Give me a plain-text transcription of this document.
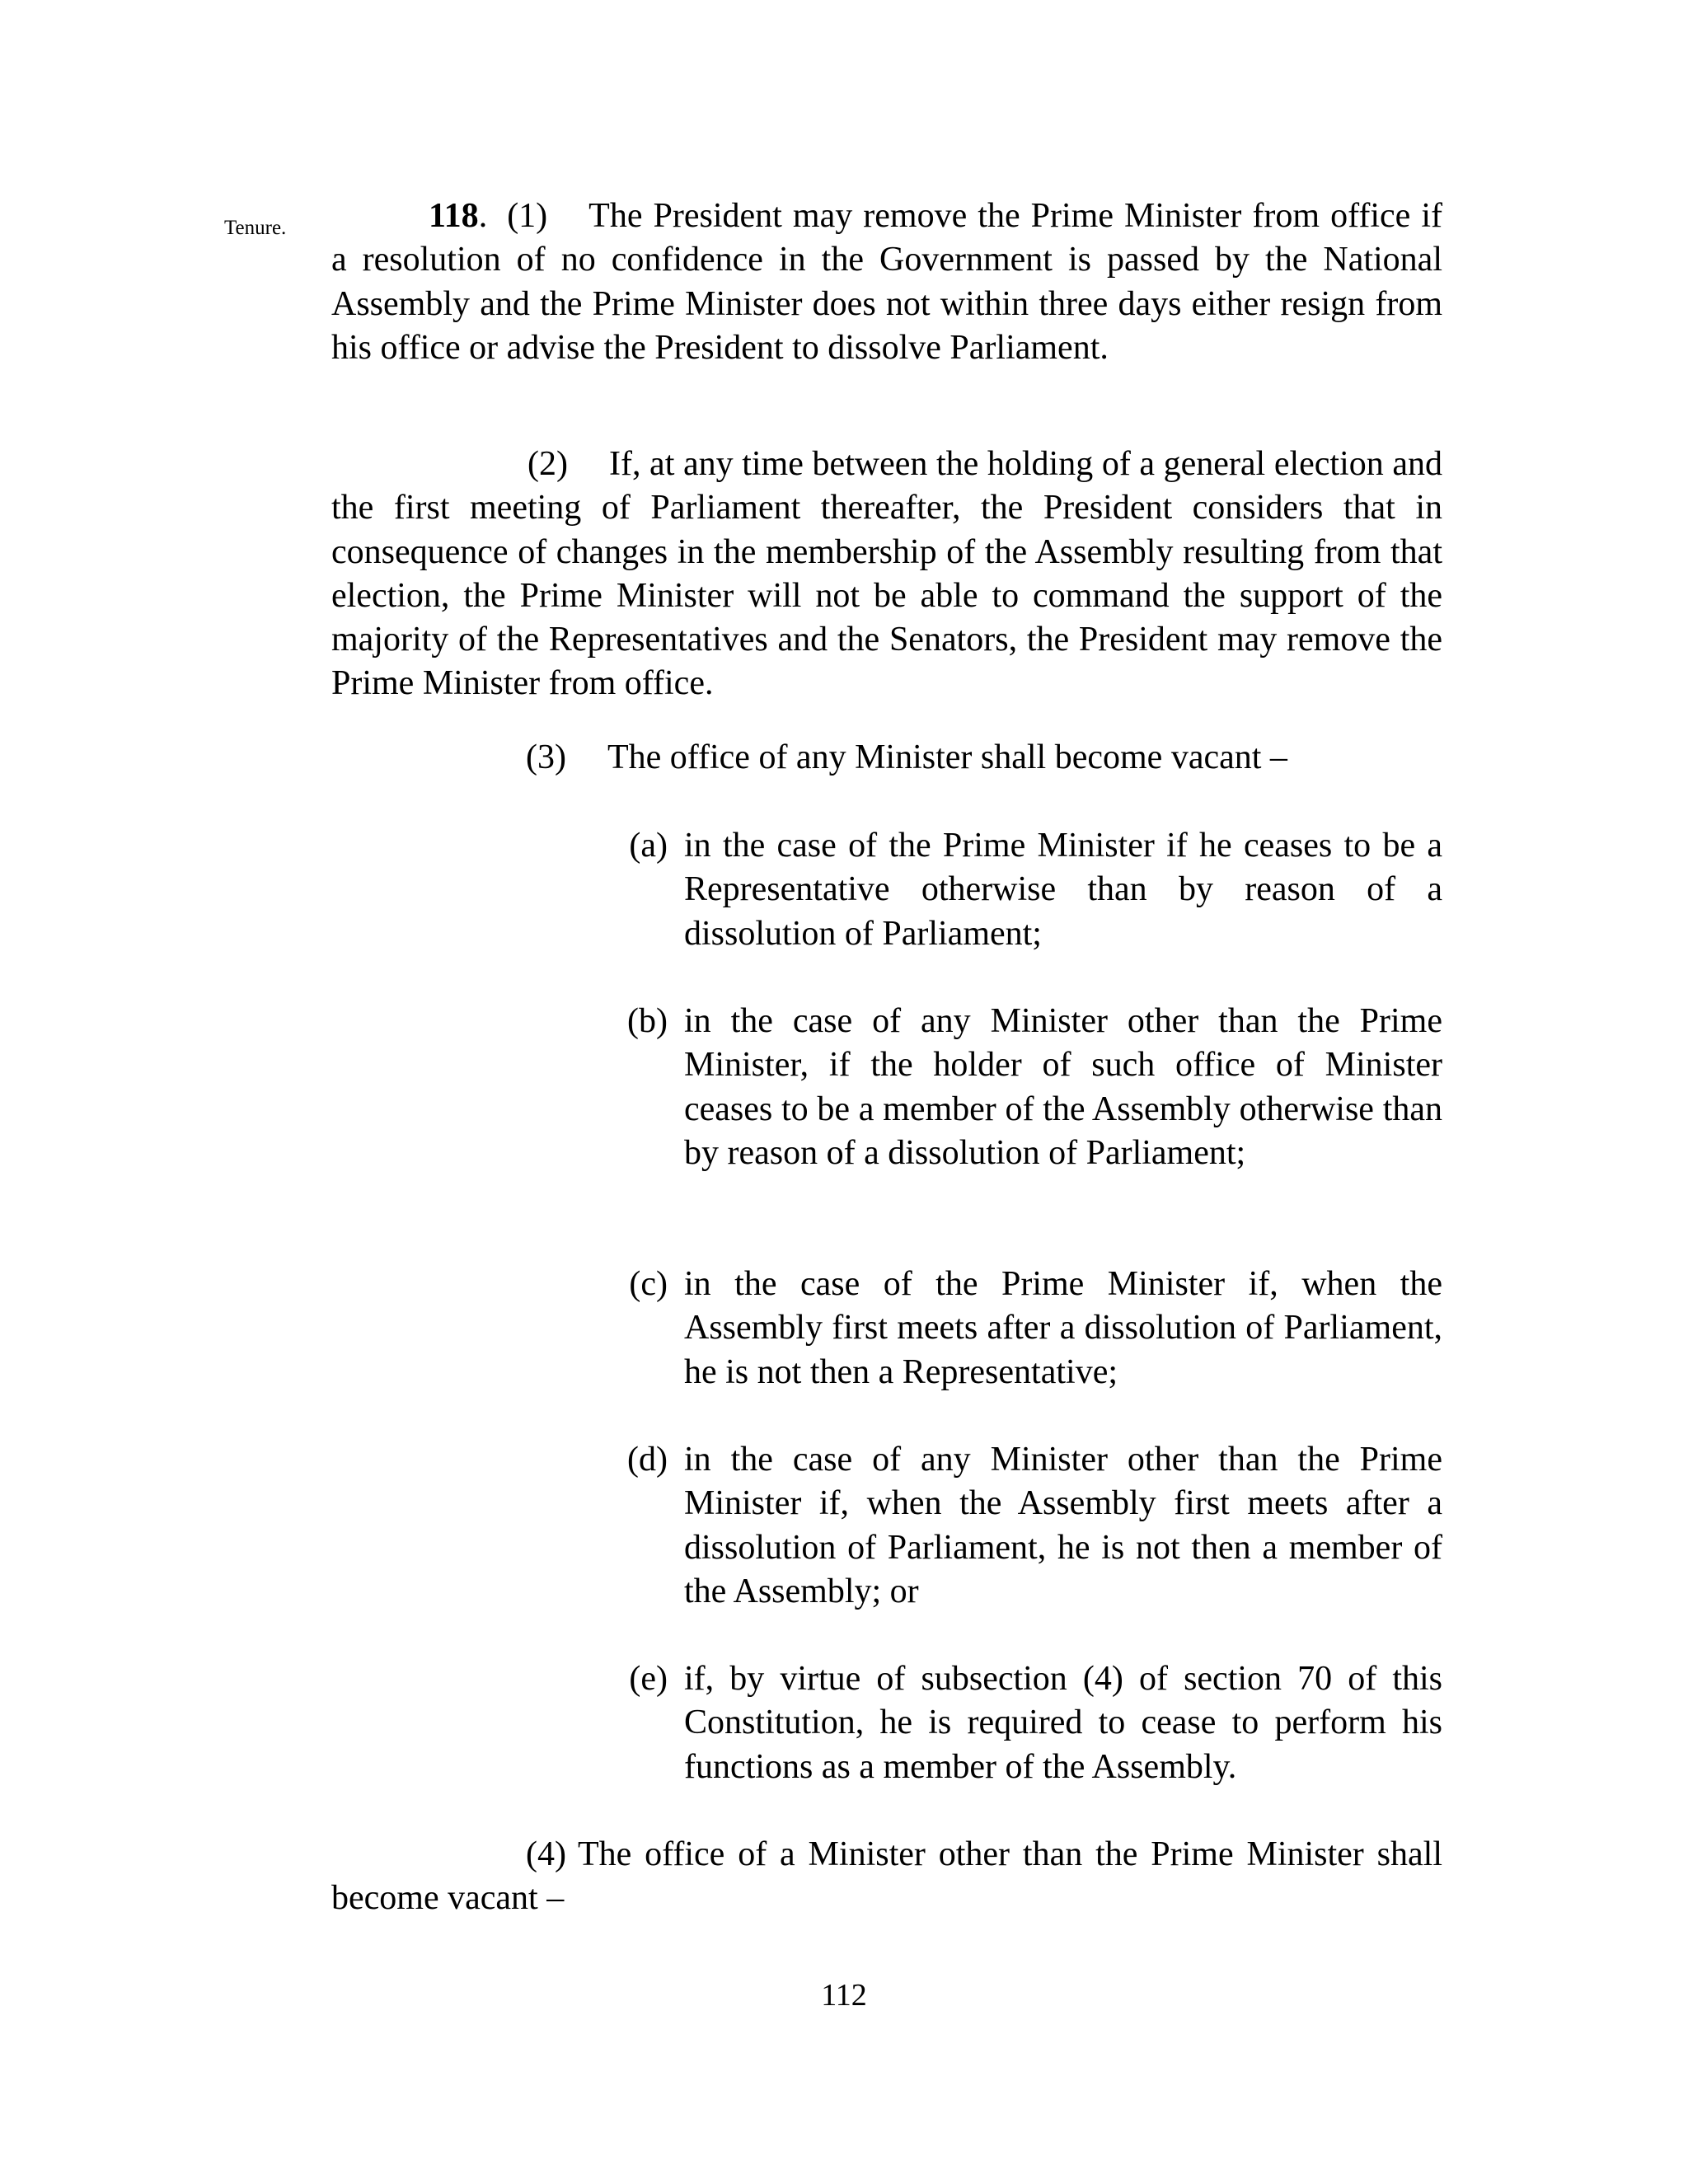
Tenure.	118. (1) The President may remove the Prime Minister from office if a resolution of no confidence in the Government is passed by the National Assembly and the Prime Minister does not within three days either resign from his office or advise the President to dissolve Parliament.
(2) If, at any time between the holding of a general election and the first meeting of Parliament thereafter, the President considers that in consequence of changes in the membership of the Assembly resulting from that election, the Prime Minister will not be able to command the support of the majority of the Representatives and the Senators, the President may remove the Prime Minister from office.
(3) The office of any Minister shall become vacant –
(a) in the case of the Prime Minister if he ceases to be a Representative otherwise than by reason of a dissolution of Parliament;
(b) in the case of any Minister other than the Prime Minister, if the holder of such office of Minister ceases to be a member of the Assembly otherwise than by reason of a dissolution of Parliament;
(c) in the case of the Prime Minister if, when the Assembly first meets after a dissolution of Parliament, he is not then a Representative;
(d) in the case of any Minister other than the Prime Minister if, when the Assembly first meets after a dissolution of Parliament, he is not then a member of the Assembly; or
(e) if, by virtue of subsection (4) of section 70 of this Constitution, he is required to cease to perform his functions as a member of the Assembly.
(4) The office of a Minister other than the Prime Minister shall become vacant –
112
